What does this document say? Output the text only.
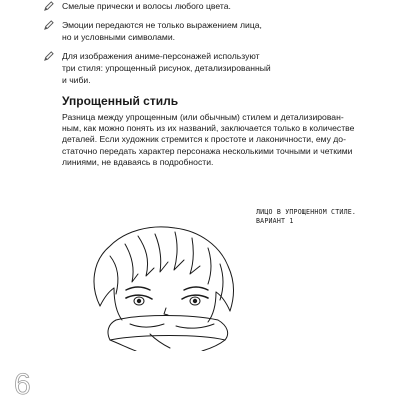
Смелые прически и волосы любого цвета.
Эмоции передаются не только выражением лица,
но и условными символами.
Для изображения аниме-персонажей используют
три стиля: упрощенный рисунок, детализированный
и чиби.
Упрощенный стиль
Разница между упрощенным (или обычным) стилем и детализирован-
ным, как можно понять из их названий, заключается только в количестве
деталей. Если художник стремится к простоте и лаконичности, ему до-
статочно передать характер персонажа несколькими точными и четкими
линиями, не вдаваясь в подробности.
ЛИЦО В УПРОЩЕННОМ СТИЛЕ.
ВАРИАНТ 1
6
